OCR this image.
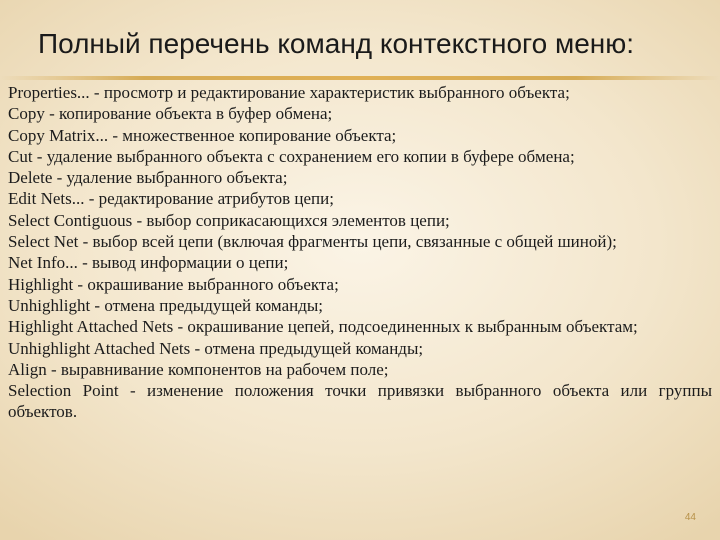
Полный перечень команд контекстного меню:
Properties... - просмотр и редактирование характеристик выбранного объекта;
Copy - копирование объекта в буфер обмена;
Copy Matrix... - множественное копирование объекта;
Cut - удаление выбранного объекта с сохранением его копии в буфере обмена;
Delete - удаление выбранного объекта;
Edit Nets... - редактирование атрибутов цепи;
Select Contiguous - выбор соприкасающихся элементов цепи;
Select Net - выбор всей цепи (включая фрагменты цепи, связанные с общей шиной);
Net Info... - вывод информации о цепи;
Highlight - окрашивание выбранного объекта;
Unhighlight - отмена предыдущей команды;
Highlight Attached Nets - окрашивание цепей, подсоединенных к выбранным объектам;
Unhighlight Attached Nets - отмена предыдущей команды;
Align - выравнивание компонентов на рабочем поле;
Selection Point - изменение положения точки привязки выбранного объекта или группы объектов.
44
